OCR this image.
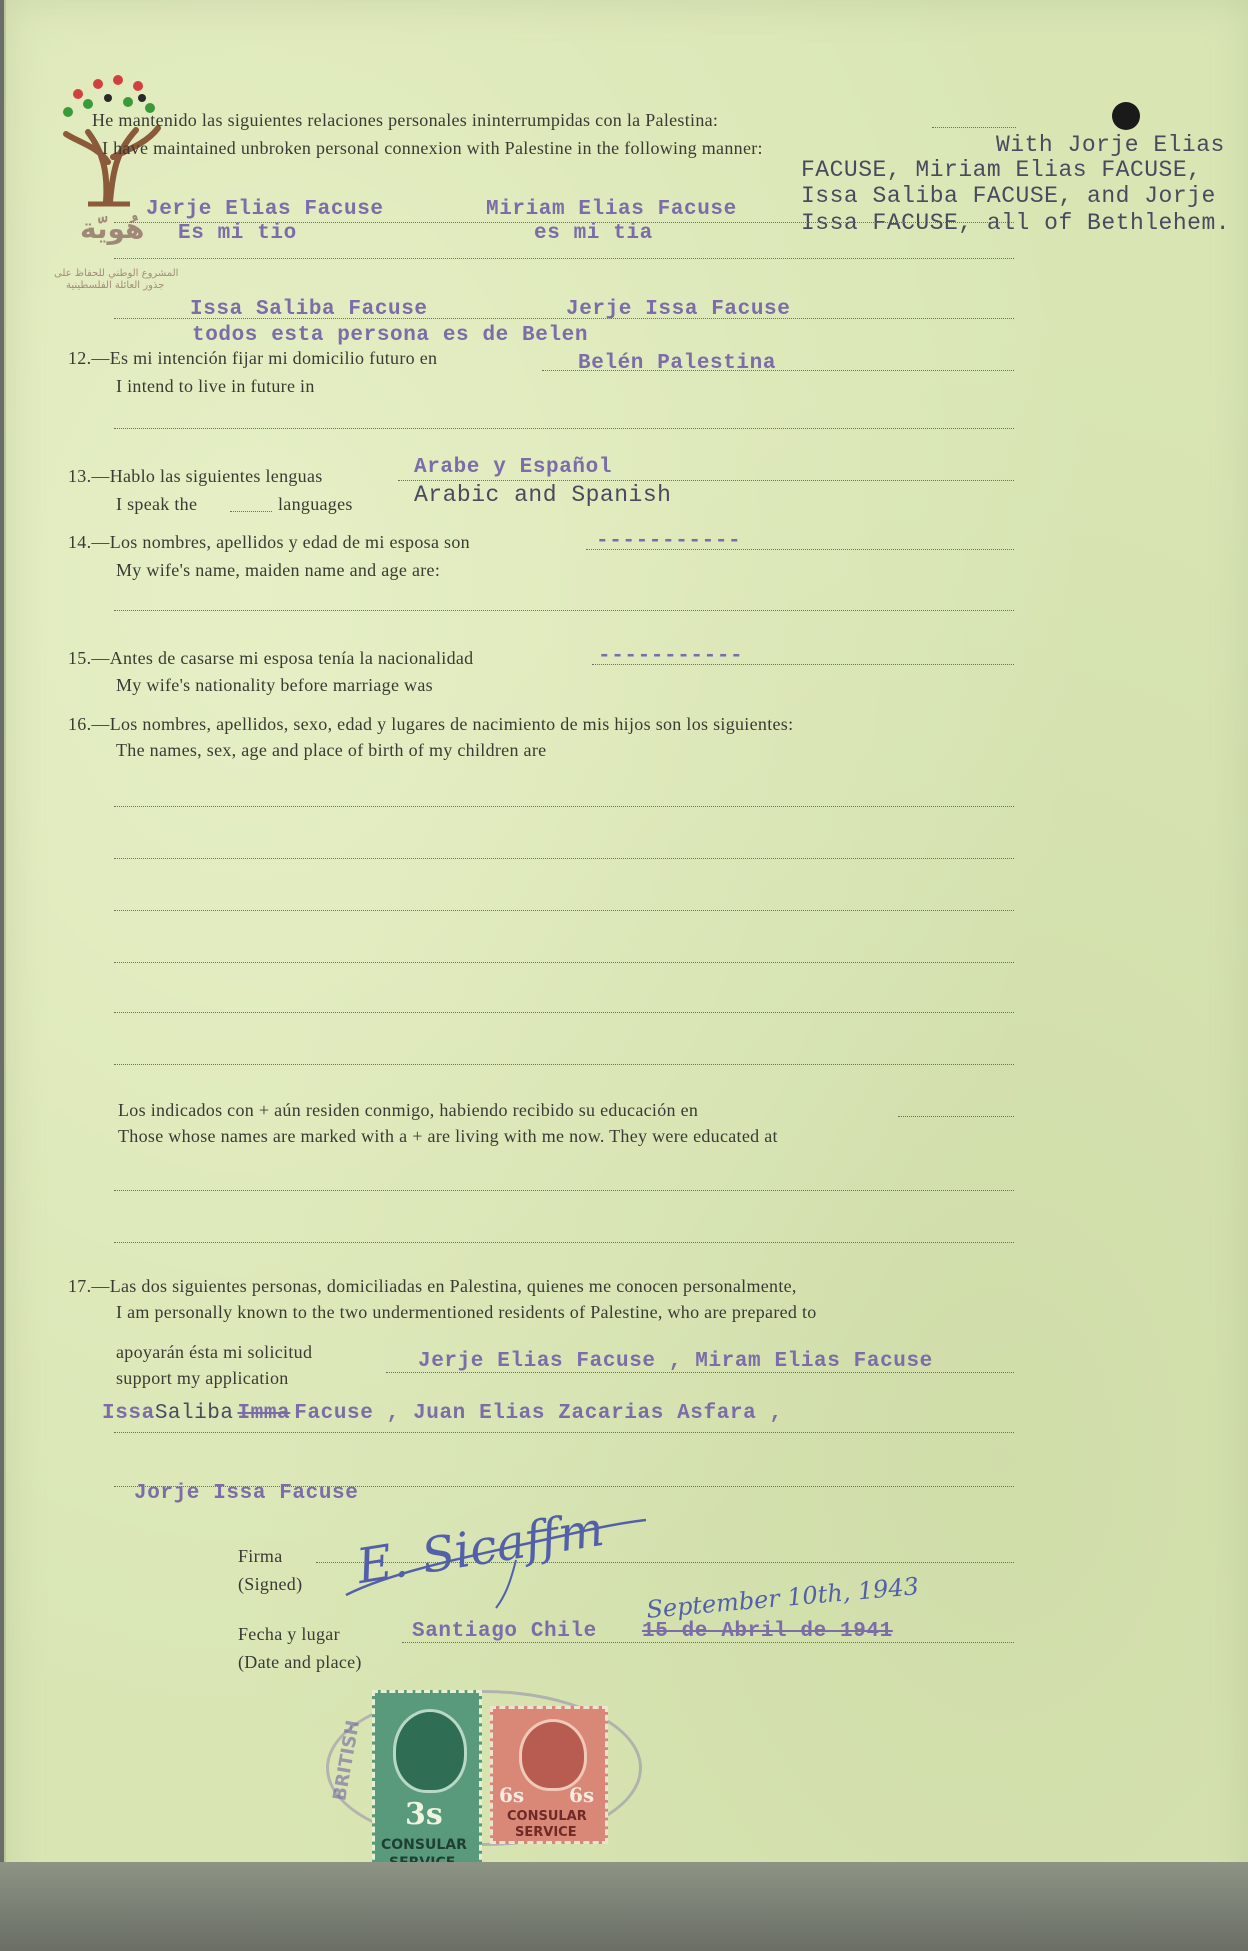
هُويّة
المشروع الوطني للحفاظ على
جذور العائلة الفلسطينية
He mantenido las siguientes relaciones personales ininterrumpidas con la Palestina:
I have maintained unbroken personal connexion with Palestine in the following manner:	With Jorje Elias
FACUSE, Miriam Elias FACUSE,
Issa Saliba FACUSE, and Jorje
Issa FACUSE, all of Bethlehem.
Jerje Elias Facuse	Miriam Elias Facuse
Es mi tio	es mi tia
Issa Saliba Facuse	Jerje Issa Facuse
todos esta persona es de Belen
12.—Es mi intención fijar mi domicilio futuro en	Belén Palestina
I intend to live in future in
13.—Hablo las siguientes lenguas	Arabe y Español
I speak the	languages	Arabic and Spanish
14.—Los nombres, apellidos y edad de mi esposa son	-----------
My wife's name, maiden name and age are:
15.—Antes de casarse mi esposa tenía la nacionalidad	-----------
My wife's nationality before marriage was
16.—Los nombres, apellidos, sexo, edad y lugares de nacimiento de mis hijos son los siguientes:
The names, sex, age and place of birth of my children are
Los indicados con + aún residen conmigo, habiendo recibido su educación en
Those whose names are marked with a + are living with me now. They were educated at
17.—Las dos siguientes personas, domiciliadas en Palestina, quienes me conocen personalmente,
I am personally known to the two undermentioned residents of Palestine, who are prepared to
apoyarán ésta mi solicitud
support my application
Jerje Elias Facuse , Miram Elias Facuse
IssaSaliba Imma Facuse , Juan Elias Zacarias Asfara ,
Jorje Issa Facuse
Firma
(Signed) E. Sicaffm
September 10th, 1943
Fecha y lugar	Santiago Chile 15 de Abril de 1941
(Date and place)
BRITISH
3s
CONSULAR
6s 6s
CONSULAR
SERVICE
